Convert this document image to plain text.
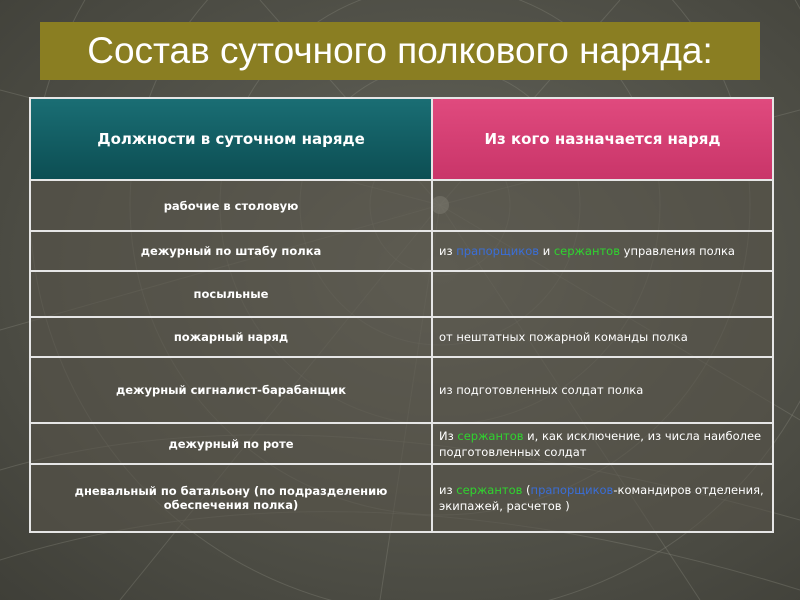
Состав суточного полкового наряда:
Должности в суточном наряде	Из кого назначается наряд
рабочие в столовую	
дежурный по штабу полка	из прапорщиков и сержантов управления полка
посыльные	
пожарный наряд	от нештатных пожарной команды полка
дежурный сигналист-барабанщик	из подготовленных солдат полка
дежурный по роте	Из сержантов и, как исключение, из числа наиболее подготовленных солдат
дневальный по батальону (по подразделению обеспечения полка)	из сержантов (прапорщиков-командиров отделения, экипажей, расчетов )
